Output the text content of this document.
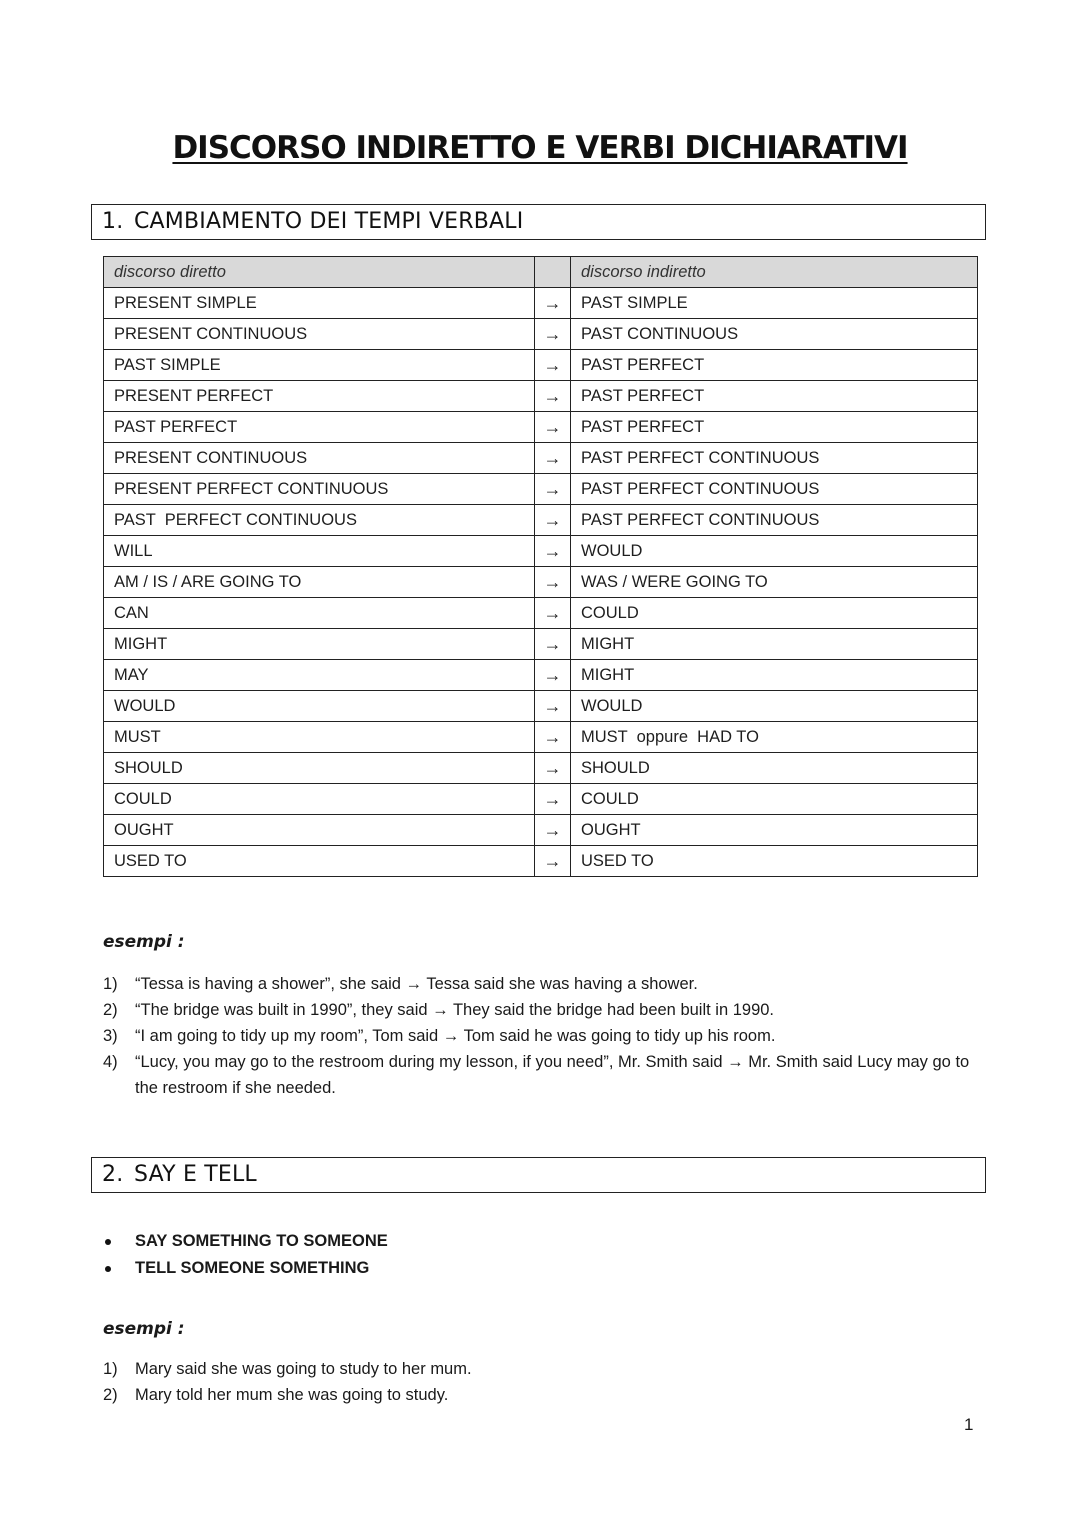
DISCORSO INDIRETTO E VERBI DICHIARATIVI
1. CAMBIAMENTO DEI TEMPI VERBALI
discorso diretto		discorso indiretto
PRESENT SIMPLE	→	PAST SIMPLE
PRESENT CONTINUOUS	→	PAST CONTINUOUS
PAST SIMPLE	→	PAST PERFECT
PRESENT PERFECT	→	PAST PERFECT
PAST PERFECT	→	PAST PERFECT
PRESENT CONTINUOUS	→	PAST PERFECT CONTINUOUS
PRESENT PERFECT CONTINUOUS	→	PAST PERFECT CONTINUOUS
PAST  PERFECT CONTINUOUS	→	PAST PERFECT CONTINUOUS
WILL	→	WOULD
AM / IS / ARE GOING TO	→	WAS / WERE GOING TO
CAN	→	COULD
MIGHT	→	MIGHT
MAY	→	MIGHT
WOULD	→	WOULD
MUST	→	MUST  oppure  HAD TO
SHOULD	→	SHOULD
COULD	→	COULD
OUGHT	→	OUGHT
USED TO	→	USED TO
esempi :
1) “Tessa is having a shower”, she said → Tessa said she was having a shower.
2) “The bridge was built in 1990”, they said → They said the bridge had been built in 1990.
3) “I am going to tidy up my room”, Tom said → Tom said he was going to tidy up his room.
4) “Lucy, you may go to the restroom during my lesson, if you need”, Mr. Smith said → Mr. Smith said Lucy may go to the restroom if she needed.
2. SAY E TELL
SAY SOMETHING TO SOMEONE
TELL SOMEONE SOMETHING
esempi :
1) Mary said she was going to study to her mum.
2) Mary told her mum she was going to study.
1
